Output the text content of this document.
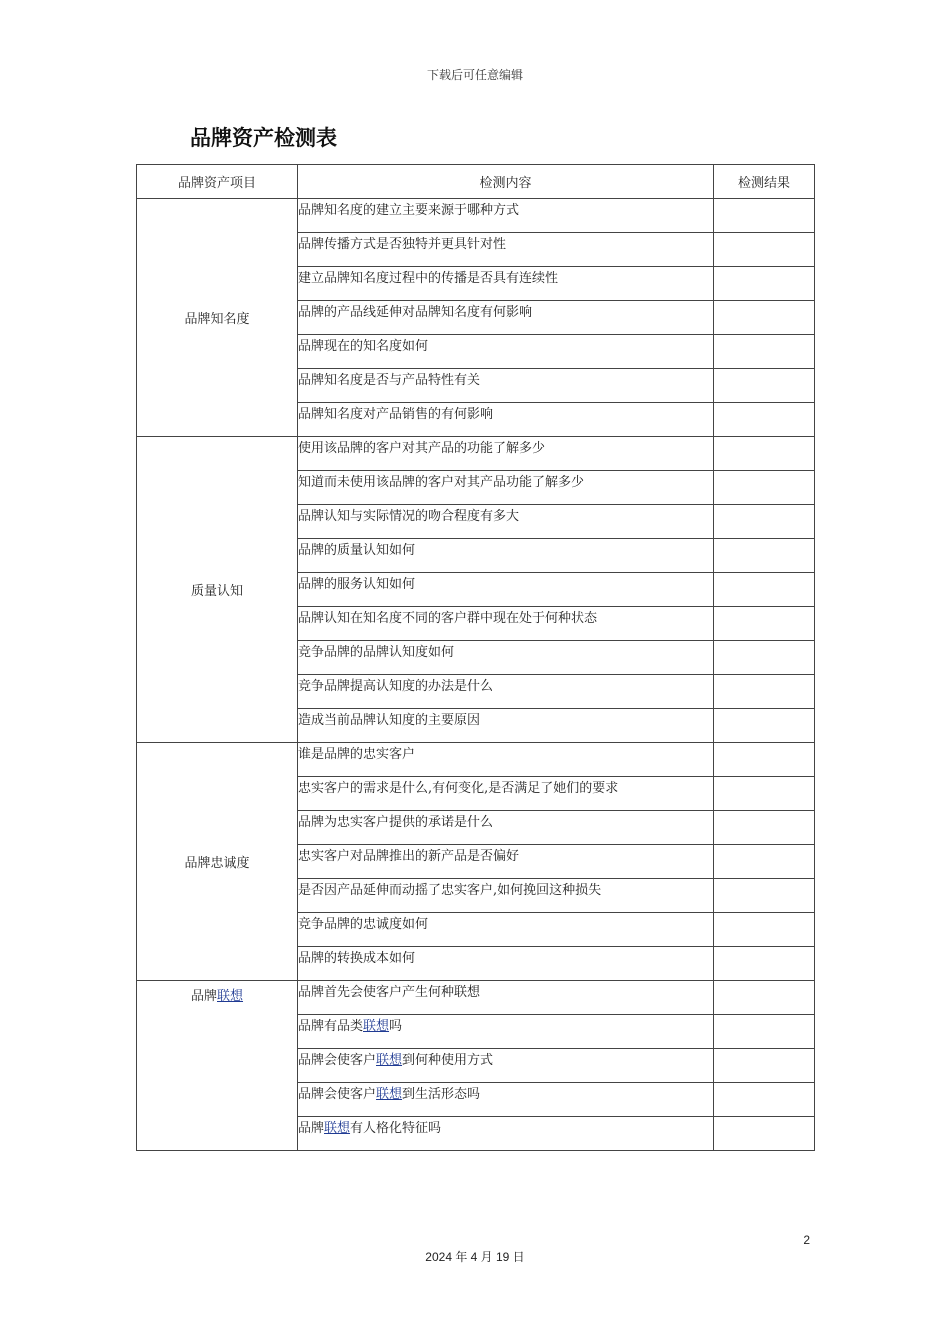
下载后可任意编辑
品牌资产检测表
品牌资产项目	检测内容	检测结果
品牌知名度	品牌知名度的建立主要来源于哪种方式	
	品牌传播方式是否独特并更具针对性	
	建立品牌知名度过程中的传播是否具有连续性	
	品牌的产品线延伸对品牌知名度有何影响	
	品牌现在的知名度如何	
	品牌知名度是否与产品特性有关	
	品牌知名度对产品销售的有何影响	
质量认知	使用该品牌的客户对其产品的功能了解多少	
	知道而未使用该品牌的客户对其产品功能了解多少	
	品牌认知与实际情况的吻合程度有多大	
	品牌的质量认知如何	
	品牌的服务认知如何	
	品牌认知在知名度不同的客户群中现在处于何种状态	
	竞争品牌的品牌认知度如何	
	竞争品牌提高认知度的办法是什么	
	造成当前品牌认知度的主要原因	
品牌忠诚度	谁是品牌的忠实客户	
	忠实客户的需求是什么,有何变化,是否满足了她们的要求	
	品牌为忠实客户提供的承诺是什么	
	忠实客户对品牌推出的新产品是否偏好	
	是否因产品延伸而动摇了忠实客户,如何挽回这种损失	
	竞争品牌的忠诚度如何	
	品牌的转换成本如何	
品牌联想	品牌首先会使客户产生何种联想	
	品牌有品类联想吗	
	品牌会使客户联想到何种使用方式	
	品牌会使客户联想到生活形态吗	
	品牌联想有人格化特征吗	
2
2024 年 4 月 19 日
